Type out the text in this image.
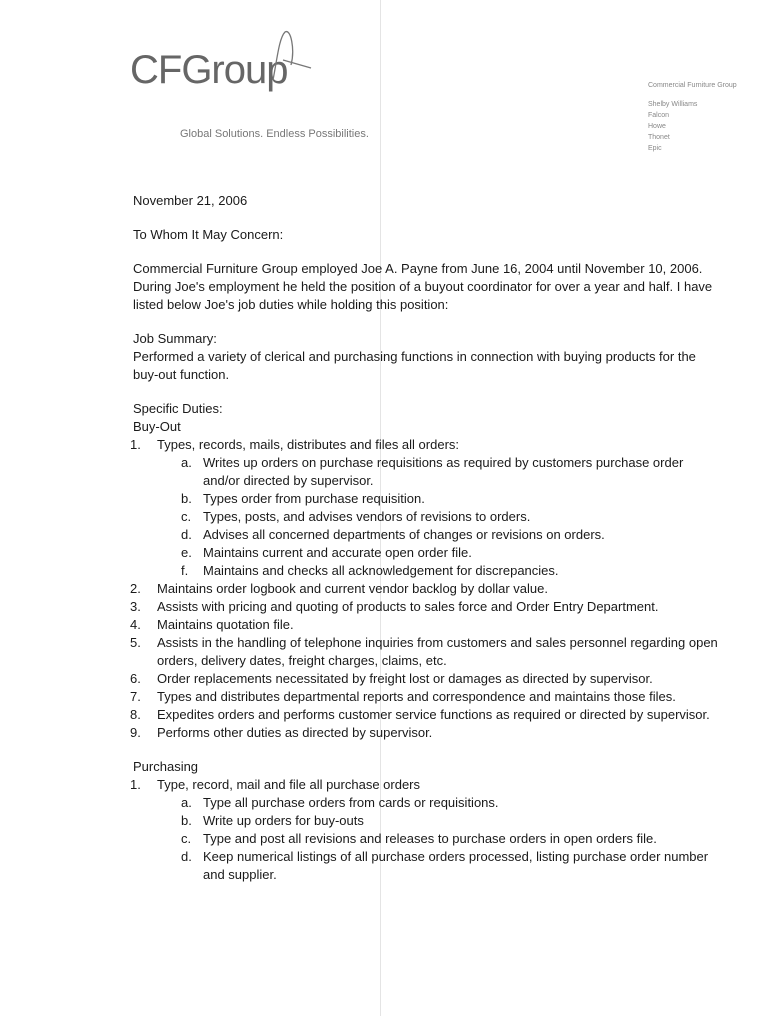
CFGroup
Global Solutions. Endless Possibilities.
Commercial Furniture Group
Shelby Williams
Falcon
Howe
Thonet
Epic

November 21, 2006

To Whom It May Concern:

Commercial Furniture Group employed Joe A. Payne from June 16, 2004 until November 10, 2006. During Joe's employment he held the position of a buyout coordinator for over a year and half. I have listed below Joe's job duties while holding this position:

Job Summary:

Performed a variety of clerical and purchasing functions in connection with buying products for the buy-out function.

Specific Duties:

Buy-Out

1. Types, records, mails, distributes and files all orders:
a. Writes up orders on purchase requisitions as required by customers purchase order and/or directed by supervisor.
b. Types order from purchase requisition.
c. Types, posts, and advises vendors of revisions to orders.
d. Advises all concerned departments of changes or revisions on orders.
e. Maintains current and accurate open order file.
f. Maintains and checks all acknowledgement for discrepancies.
2. Maintains order logbook and current vendor backlog by dollar value.
3. Assists with pricing and quoting of products to sales force and Order Entry Department.
4. Maintains quotation file.
5. Assists in the handling of telephone inquiries from customers and sales personnel regarding open orders, delivery dates, freight charges, claims, etc.
6. Order replacements necessitated by freight lost or damages as directed by supervisor.
7. Types and distributes departmental reports and correspondence and maintains those files.
8. Expedites orders and performs customer service functions as required or directed by supervisor.
9. Performs other duties as directed by supervisor.

Purchasing

1. Type, record, mail and file all purchase orders
a. Type all purchase orders from cards or requisitions.
b. Write up orders for buy-outs
c. Type and post all revisions and releases to purchase orders in open orders file.
d. Keep numerical listings of all purchase orders processed, listing purchase order number and supplier.
